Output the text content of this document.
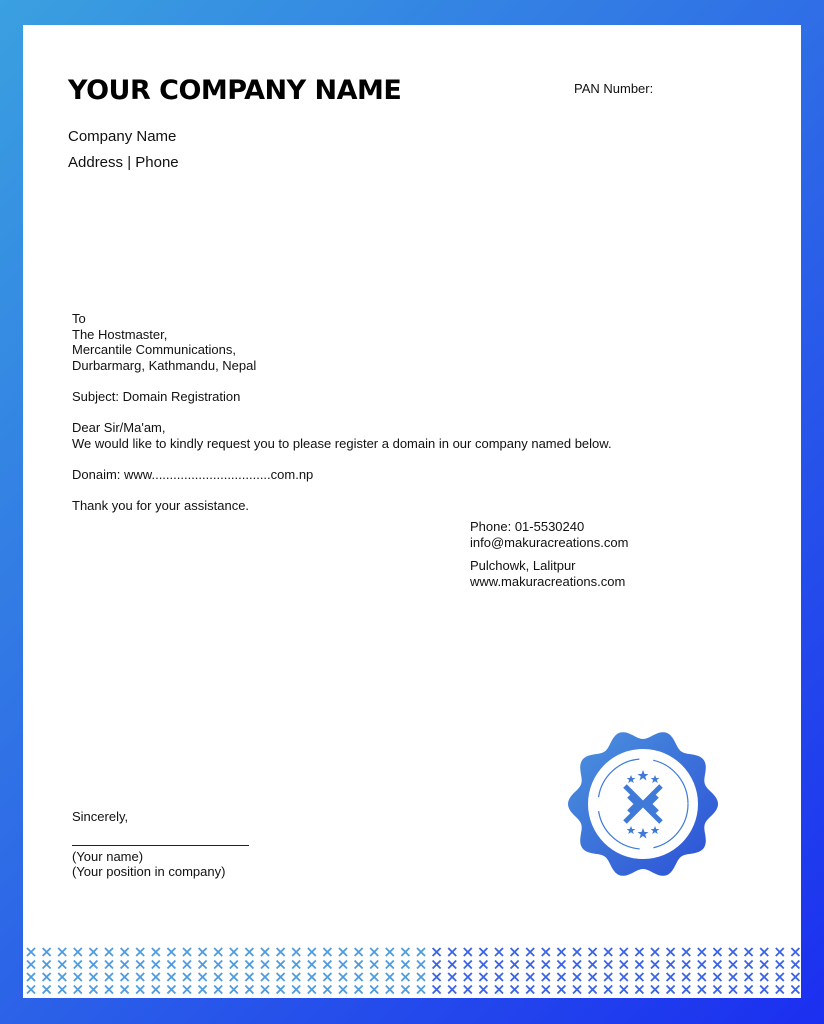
YOUR COMPANY NAME	PAN Number:
Company Name
Address | Phone

To

The Hostmaster,

Mercantile Communications,

Durbarmarg, Kathmandu, Nepal

Subject: Domain Registration

Dear Sir/Ma'am,

We would like to kindly request you to please register a domain in our company named below.

Donaim: www.................................com.np

Thank you for your assistance.

Phone: 01-5530240

info@makuracreations.com

Pulchowk, Lalitpur

www.makuracreations.com

Sincerely,

(Your name)

(Your position in company)
